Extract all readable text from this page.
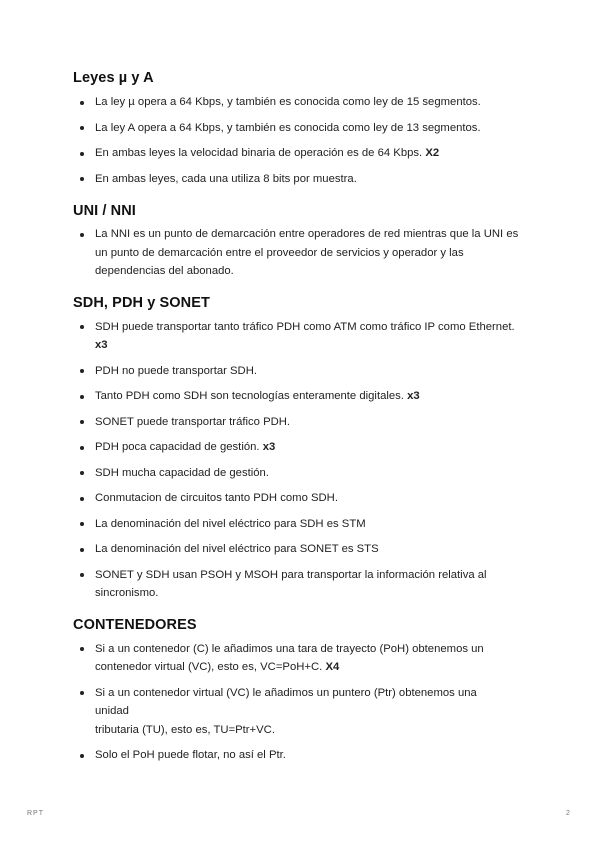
Leyes µ y A
La ley µ opera a 64 Kbps, y también es conocida como ley de 15 segmentos.
La ley A opera a 64 Kbps, y también es conocida como ley de 13 segmentos.
En ambas leyes la velocidad binaria de operación es de 64 Kbps. X2
En ambas leyes, cada una utiliza 8 bits por muestra.
UNI / NNI
La NNI es un punto de demarcación entre operadores de red mientras que la UNI es un punto de demarcación entre el proveedor de servicios y operador y las dependencias del abonado.
SDH, PDH y SONET
SDH puede transportar tanto tráfico PDH como ATM como tráfico IP como Ethernet. x3
PDH no puede transportar SDH.
Tanto PDH como SDH son tecnologías enteramente digitales. x3
SONET puede transportar tráfico PDH.
PDH poca capacidad de gestión. x3
SDH mucha capacidad de gestión.
Conmutacion de circuitos tanto PDH como SDH.
La denominación del nivel eléctrico para SDH es STM
La denominación del nivel eléctrico para SONET es STS
SONET y SDH usan PSOH y MSOH para transportar la información relativa al sincronismo.
CONTENEDORES
Si a un contenedor (C) le añadimos una tara de trayecto (PoH) obtenemos un contenedor virtual (VC), esto es, VC=PoH+C. X4
Si a un contenedor virtual (VC) le añadimos un puntero (Ptr) obtenemos una unidad
tributaria (TU), esto es, TU=Ptr+VC.
Solo el PoH puede flotar, no así el Ptr.
RPT	2
